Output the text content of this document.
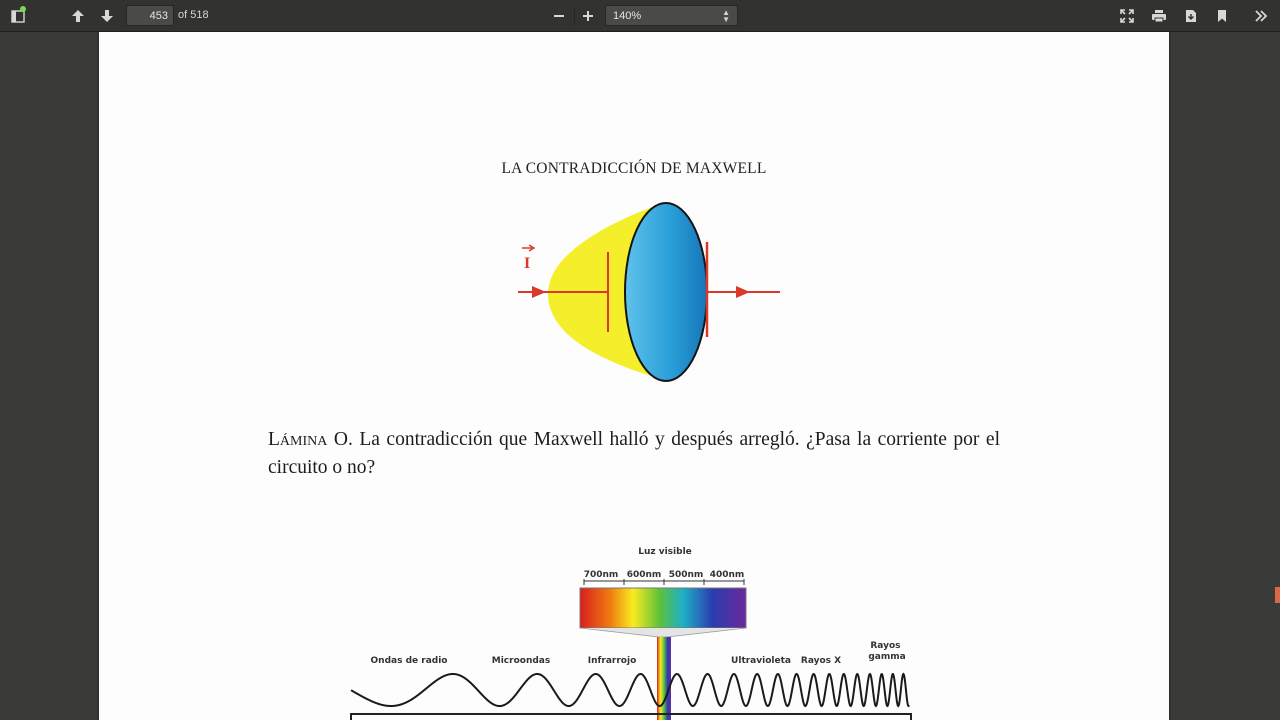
453
of 518	140%	▲
▼
LA CONTRADICCIÓN DE MAXWELL
I
Lámina O. La contradicción que Maxwell halló y después arregló. ¿Pasa la corriente por el circuito o no?
Luz visible
700nm 600nm 500nm 400nm
Ondas de radio	Microondas	Infrarrojo	Ultravioleta Rayos X
Rayos gamma
